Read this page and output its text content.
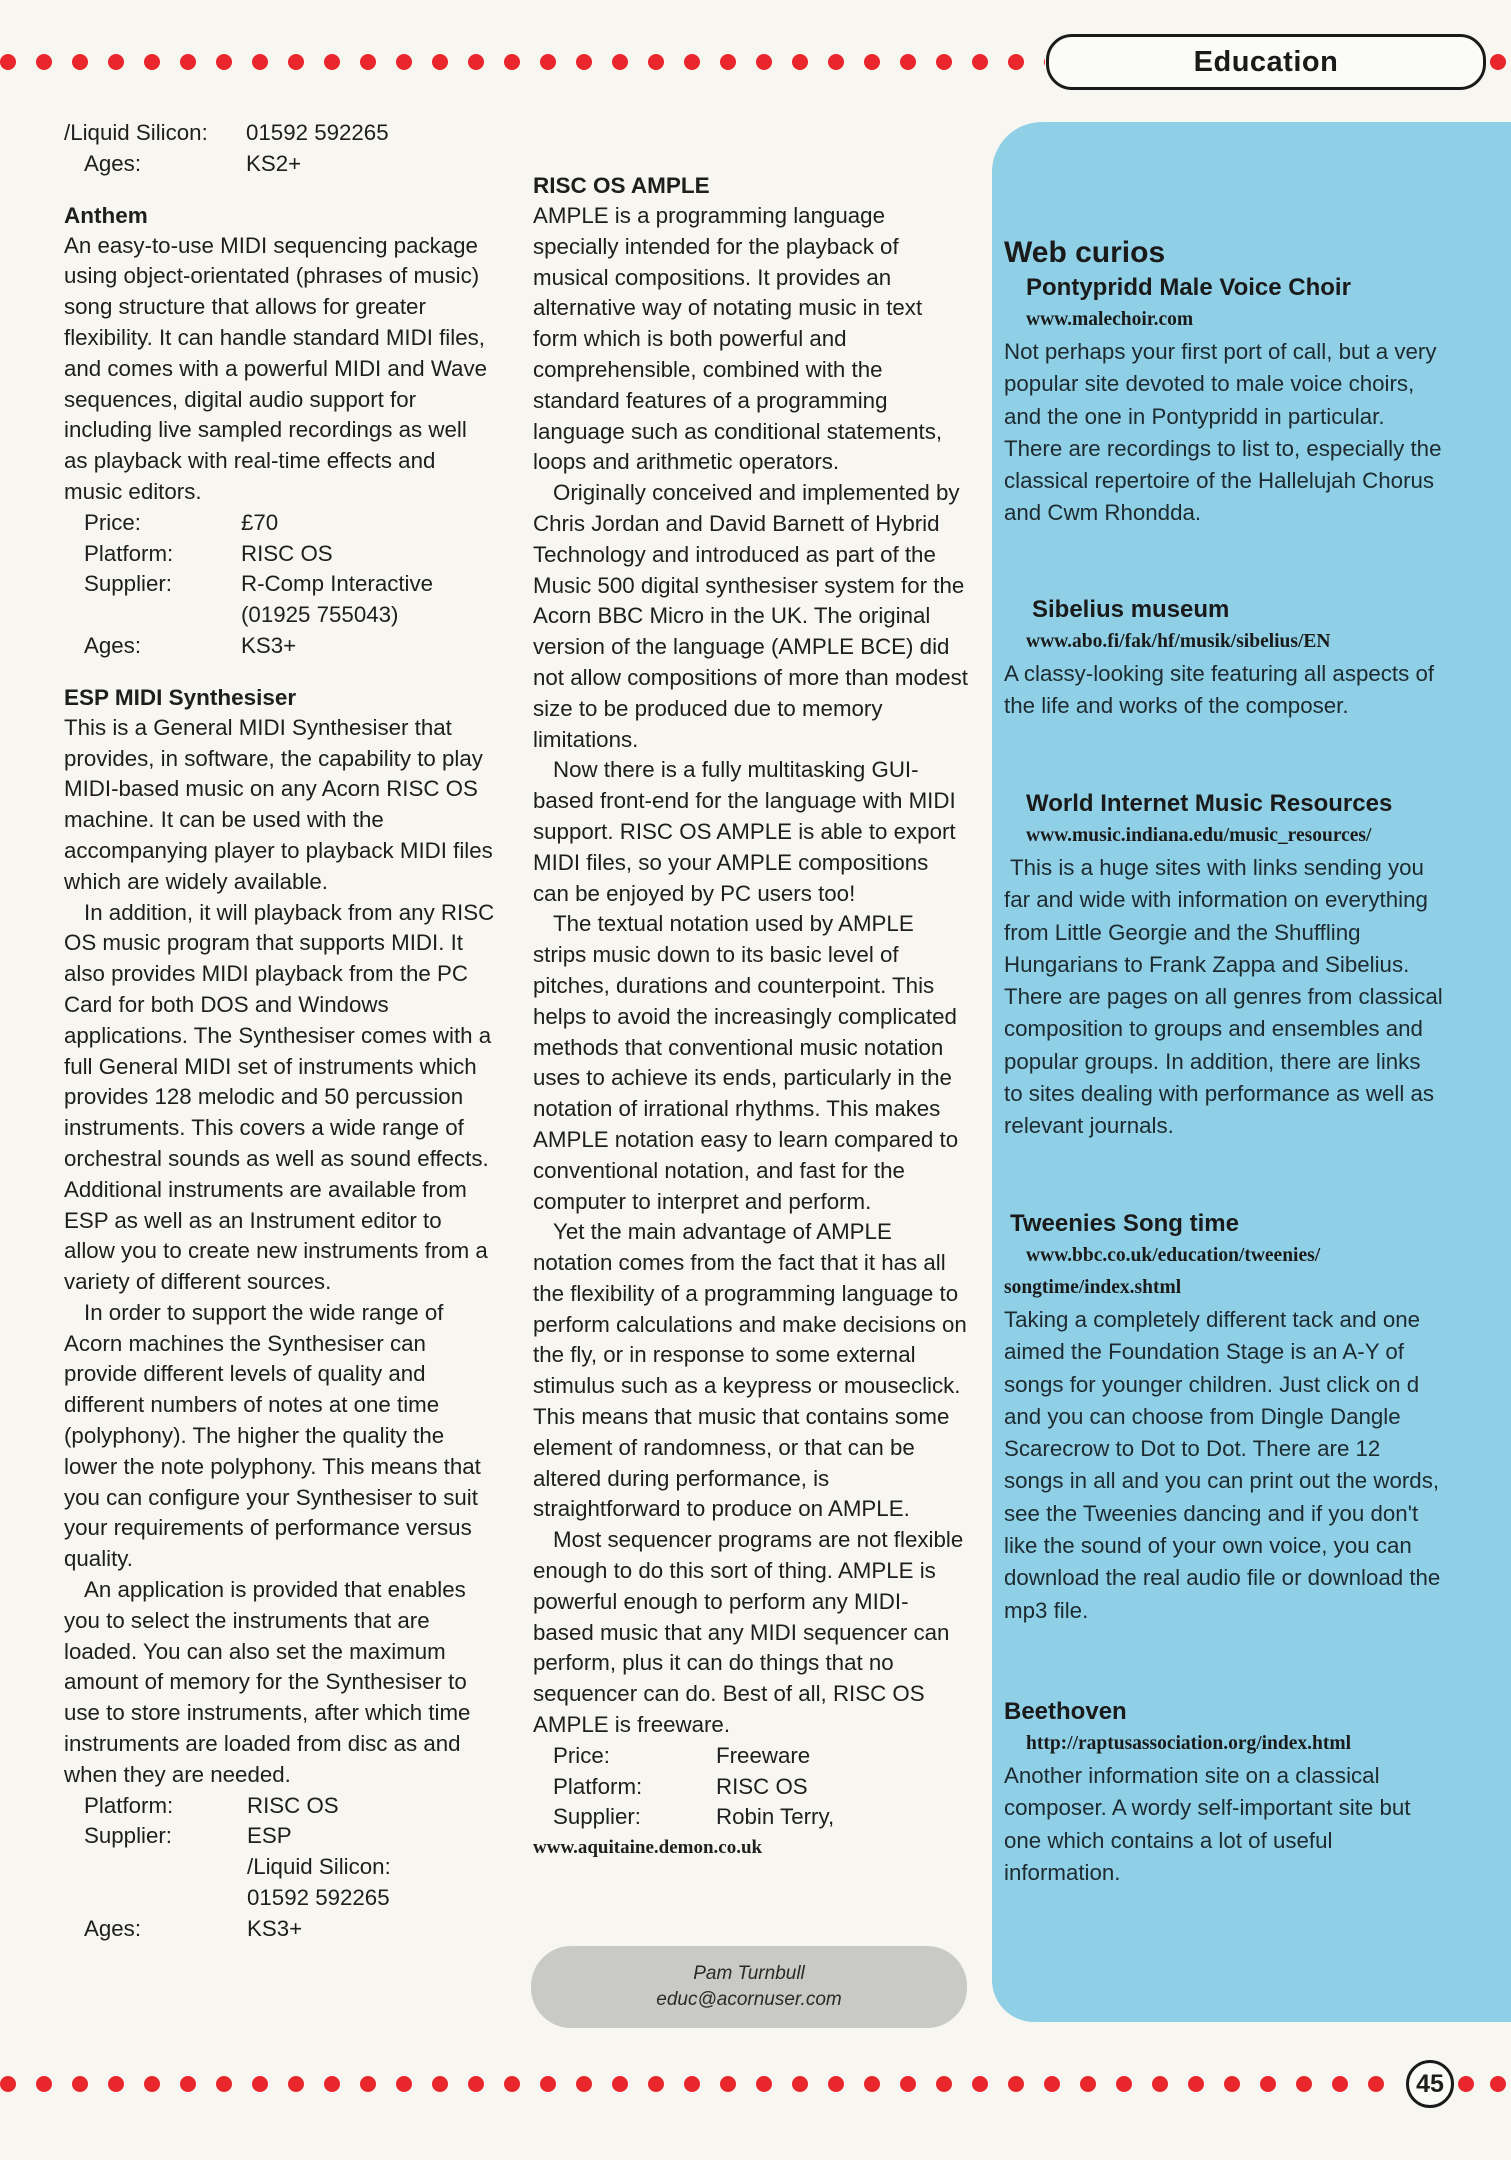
Education
45
/Liquid Silicon:	01592 592265
Ages:	KS2+
Anthem

An easy-to-use MIDI sequencing package using object-orientated (phrases of music) song structure that allows for greater flexibility. It can handle standard MIDI files, and comes with a powerful MIDI and Wave sequences, digital audio support for including live sampled recordings as well as playback with real-time effects and music editors.

Price:	£70
Platform:	RISC OS
Supplier:	R-Comp Interactive
(01925 755043)
Ages:	KS3+
ESP MIDI Synthesiser

This is a General MIDI Synthesiser that provides, in software, the capability to play MIDI-based music on any Acorn RISC OS machine. It can be used with the accompanying player to playback MIDI files which are widely available.

In addition, it will playback from any RISC OS music program that supports MIDI. It also provides MIDI playback from the PC Card for both DOS and Windows applications. The Synthesiser comes with a full General MIDI set of instruments which provides 128 melodic and 50 percussion instruments. This covers a wide range of orchestral sounds as well as sound effects. Additional instruments are available from ESP as well as an Instrument editor to allow you to create new instruments from a variety of different sources.

In order to support the wide range of Acorn machines the Synthesiser can provide different levels of quality and different numbers of notes at one time (polyphony). The higher the quality the lower the note polyphony. This means that you can configure your Synthesiser to suit your requirements of performance versus quality.

An application is provided that enables you to select the instruments that are loaded. You can also set the maximum amount of memory for the Synthesiser to use to store instruments, after which time instruments are loaded from disc as and when they are needed.

Platform:	RISC OS
Supplier:	ESP
/Liquid Silicon:
01592 592265
Ages:	KS3+
RISC OS AMPLE

AMPLE is a programming language specially intended for the playback of musical compositions. It provides an alternative way of notating music in text form which is both powerful and comprehensible, combined with the standard features of a programming language such as conditional statements, loops and arithmetic operators.

Originally conceived and implemented by Chris Jordan and David Barnett of Hybrid Technology and introduced as part of the Music 500 digital synthesiser system for the Acorn BBC Micro in the UK. The original version of the language (AMPLE BCE) did not allow compositions of more than modest size to be produced due to memory limitations.

Now there is a fully multitasking GUI-based front-end for the language with MIDI support. RISC OS AMPLE is able to export MIDI files, so your AMPLE compositions can be enjoyed by PC users too!

The textual notation used by AMPLE strips music down to its basic level of pitches, durations and counterpoint. This helps to avoid the increasingly complicated methods that conventional music notation uses to achieve its ends, particularly in the notation of irrational rhythms. This makes AMPLE notation easy to learn compared to conventional notation, and fast for the computer to interpret and perform.

Yet the main advantage of AMPLE notation comes from the fact that it has all the flexibility of a programming language to perform calculations and make decisions on the fly, or in response to some external stimulus such as a keypress or mouseclick. This means that music that contains some element of randomness, or that can be altered during performance, is straightforward to produce on AMPLE.

Most sequencer programs are not flexible enough to do this sort of thing. AMPLE is powerful enough to perform any MIDI-based music that any MIDI sequencer can perform, plus it can do things that no sequencer can do. Best of all, RISC OS AMPLE is freeware.

Price:	Freeware
Platform:	RISC OS
Supplier:	Robin Terry,
www.aquitaine.demon.co.uk
Pam Turnbull
educ@acornuser.com
Web curios
Pontypridd Male Voice Choir
www.malechoir.com

Not perhaps your first port of call, but a very popular site devoted to male voice choirs, and the one in Pontypridd in particular. There are recordings to list to, especially the classical repertoire of the Hallelujah Chorus and Cwm Rhondda.

Sibelius museum
www.abo.fi/fak/hf/musik/sibelius/EN

A classy-looking site featuring all aspects of the life and works of the composer.

World Internet Music Resources
www.music.indiana.edu/music_resources/

This is a huge sites with links sending you far and wide with information on everything from Little Georgie and the Shuffling Hungarians to Frank Zappa and Sibelius. There are pages on all genres from classical composition to groups and ensembles and popular groups. In addition, there are links to sites dealing with performance as well as relevant journals.

Tweenies Song time
www.bbc.co.uk/education/tweenies/
songtime/index.shtml

Taking a completely different tack and one aimed the Foundation Stage is an A-Y of songs for younger children. Just click on d and you can choose from Dingle Dangle Scarecrow to Dot to Dot. There are 12 songs in all and you can print out the words, see the Tweenies dancing and if you don't like the sound of your own voice, you can download the real audio file or download the mp3 file.

Beethoven
http://raptusassociation.org/index.html

Another information site on a classical composer. A wordy self-important site but one which contains a lot of useful information.
